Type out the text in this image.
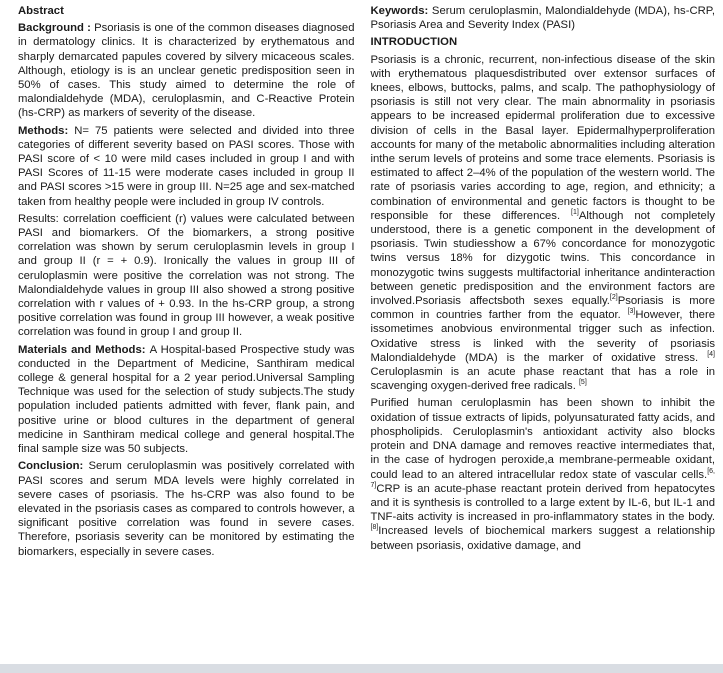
Abstract

Background : Psoriasis is one of the common diseases diagnosed in dermatology clinics. It is characterized by erythematous and sharply demarcated papules covered by silvery micaceous scales. Although, etiology is is an unclear genetic predisposition seen in 50% of cases. This study aimed to determine the role of malondialdehyde (MDA), ceruloplasmin, and C-Reactive Protein (hs-CRP) as markers of severity of the disease.

Methods: N= 75 patients were selected and divided into three categories of different severity based on PASI scores. Those with PASI score of < 10 were mild cases included in group I and with PASI Scores of 11-15 were moderate cases included in group II and PASI scores >15 were in group III. N=25 age and sex-matched taken from healthy people were included in group IV controls.

Results: correlation coefficient (r) values were calculated between PASI and biomarkers. Of the biomarkers, a strong positive correlation was shown by serum ceruloplasmin levels in group I and group II (r = + 0.9). Ironically the values in group III of ceruloplasmin were positive the correlation was not strong. The Malondialdehyde values in group III also showed a strong positive correlation with r values of + 0.93. In the hs-CRP group, a strong positive correlation was found in group III however, a weak positive correlation was found in group I and group II.

Materials and Methods: A Hospital-based Prospective study was conducted in the Department of Medicine, Santhiram medical college & general hospital for a 2 year period.Universal Sampling Technique was used for the selection of study subjects.The study population included patients admitted with fever, flank pain, and positive urine or blood cultures in the department of general medicine in Santhiram medical college and general hospital.The final sample size was 50 subjects.

Conclusion: Serum ceruloplasmin was positively correlated with PASI scores and serum MDA levels were highly correlated in severe cases of psoriasis. The hs-CRP was also found to be elevated in the psoriasis cases as compared to controls however, a significant positive correlation was found in severe cases. Therefore, psoriasis severity can be monitored by estimating the biomarkers, especially in severe cases.

Keywords: Serum ceruloplasmin, Malondialdehyde (MDA), hs-CRP, Psoriasis Area and Severity Index (PASI)

INTRODUCTION

Psoriasis is a chronic, recurrent, non-infectious disease of the skin with erythematous plaquesdistributed over extensor surfaces of knees, elbows, buttocks, palms, and scalp. The pathophysiology of psoriasis is still not very clear. The main abnormality in psoriasis appears to be increased epidermal proliferation due to excessive division of cells in the Basal layer. Epidermalhyperproliferation accounts for many of the metabolic abnormalities including alteration inthe serum levels of proteins and some trace elements. Psoriasis is estimated to affect 2–4% of the population of the western world. The rate of psoriasis varies according to age, region, and ethnicity; a combination of environmental and genetic factors is thought to be responsible for these differences. [1]Although not completely understood, there is a genetic component in the development of psoriasis. Twin studiesshow a 67% concordance for monozygotic twins versus 18% for dizygotic twins. This concordance in monozygotic twins suggests multifactorial inheritance andinteraction between genetic predisposition and the environment factors are involved.Psoriasis affectsboth sexes equally.[2]Psoriasis is more common in countries farther from the equator. [3]However, there issometimes anobvious environmental trigger such as infection. Oxidative stress is linked with the severity of psoriasis Malondialdehyde (MDA) is the marker of oxidative stress. [4] Ceruloplasmin is an acute phase reactant that has a role in scavenging oxygen-derived free radicals. [5]

Purified human ceruloplasmin has been shown to inhibit the oxidation of tissue extracts of lipids, polyunsaturated fatty acids, and phospholipids. Ceruloplasmin's antioxidant activity also blocks protein and DNA damage and removes reactive intermediates that, in the case of hydrogen peroxide,a membrane-permeable oxidant, could lead to an altered intracellular redox state of vascular cells.[6, 7]CRP is an acute-phase reactant protein derived from hepatocytes and it is synthesis is controlled to a large extent by IL-6, but IL-1 and TNF-aits activity is increased in pro-inflammatory states in the body. [8]Increased levels of biochemical markers suggest a relationship between psoriasis, oxidative damage, and
